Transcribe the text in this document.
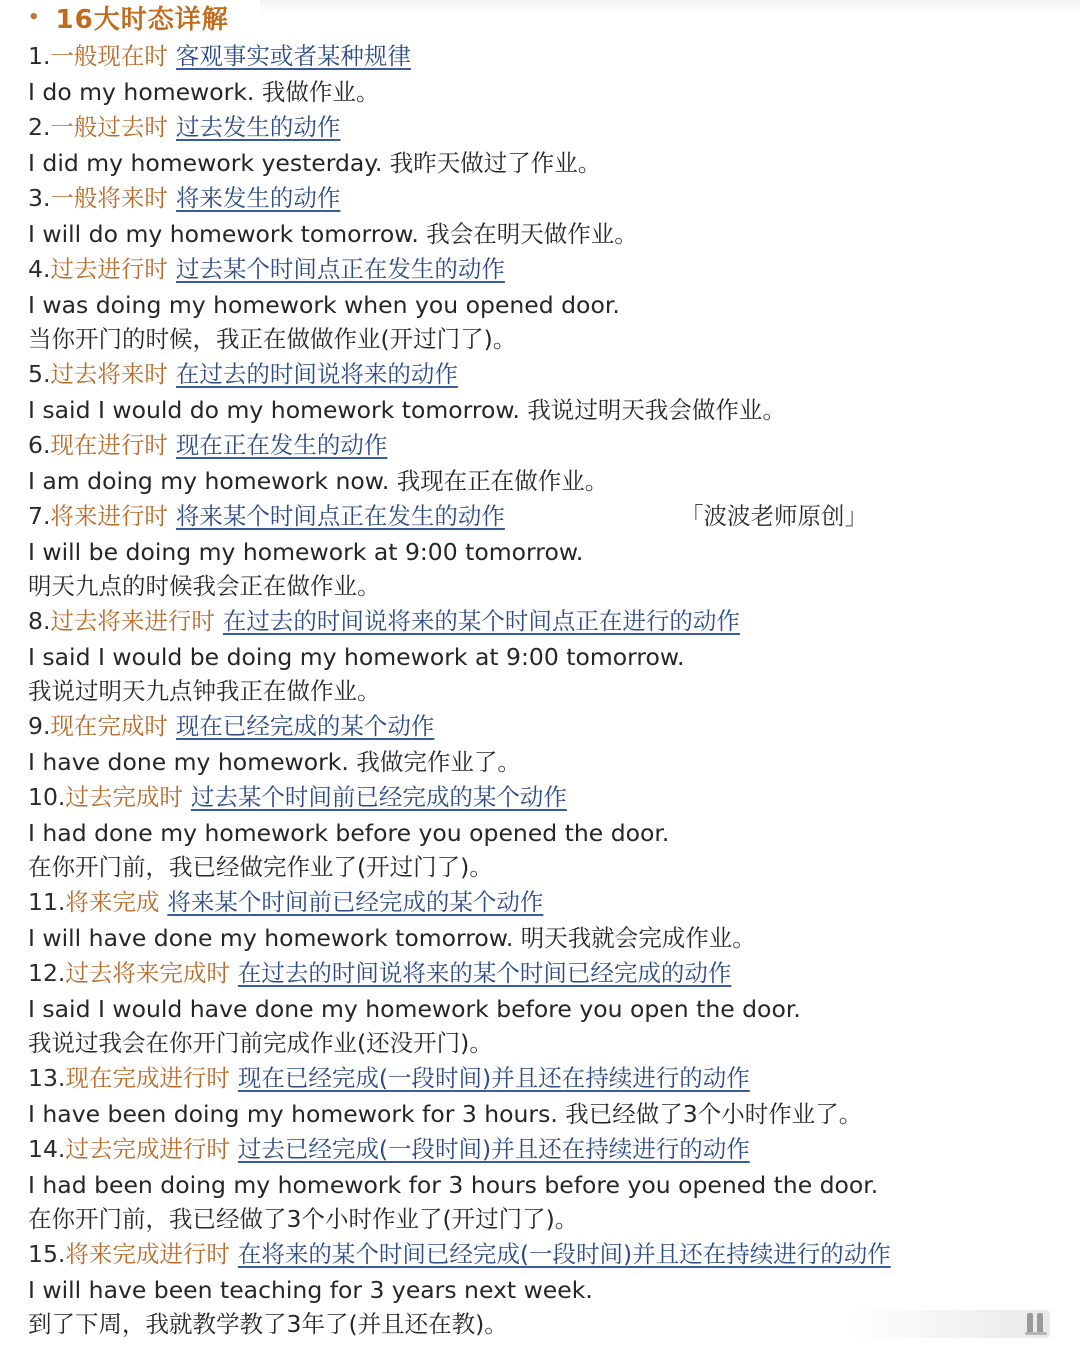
• 16大时态详解
1.一般现在时 客观事实或者某种规律
I do my homework. 我做作业。
2.一般过去时 过去发生的动作
I did my homework yesterday. 我昨天做过了作业。
3.一般将来时 将来发生的动作
I will do my homework tomorrow. 我会在明天做作业。
4.过去进行时 过去某个时间点正在发生的动作
I was doing my homework when you opened door.
当你开门的时候，我正在做做作业(开过门了)。
5.过去将来时 在过去的时间说将来的动作
I said I would do my homework tomorrow. 我说过明天我会做作业。
6.现在进行时 现在正在发生的动作
I am doing my homework now. 我现在正在做作业。
7.将来进行时 将来某个时间点正在发生的动作	「波波老师原创」
I will be doing my homework at 9:00 tomorrow.
明天九点的时候我会正在做作业。
8.过去将来进行时 在过去的时间说将来的某个时间点正在进行的动作
I said I would be doing my homework at 9:00 tomorrow.
我说过明天九点钟我正在做作业。
9.现在完成时 现在已经完成的某个动作
I have done my homework. 我做完作业了。
10.过去完成时 过去某个时间前已经完成的某个动作
I had done my homework before you opened the door.
在你开门前，我已经做完作业了(开过门了)。
11.将来完成 将来某个时间前已经完成的某个动作
I will have done my homework tomorrow. 明天我就会完成作业。
12.过去将来完成时 在过去的时间说将来的某个时间已经完成的动作
I said I would have done my homework before you open the door.
我说过我会在你开门前完成作业(还没开门)。
13.现在完成进行时 现在已经完成(一段时间)并且还在持续进行的动作
I have been doing my homework for 3 hours. 我已经做了3个小时作业了。
14.过去完成进行时 过去已经完成(一段时间)并且还在持续进行的动作
I had been doing my homework for 3 hours before you opened the door.
在你开门前，我已经做了3个小时作业了(开过门了)。
15.将来完成进行时 在将来的某个时间已经完成(一段时间)并且还在持续进行的动作
I will have been teaching for 3 years next week.
到了下周，我就教学教了3年了(并且还在教)。
